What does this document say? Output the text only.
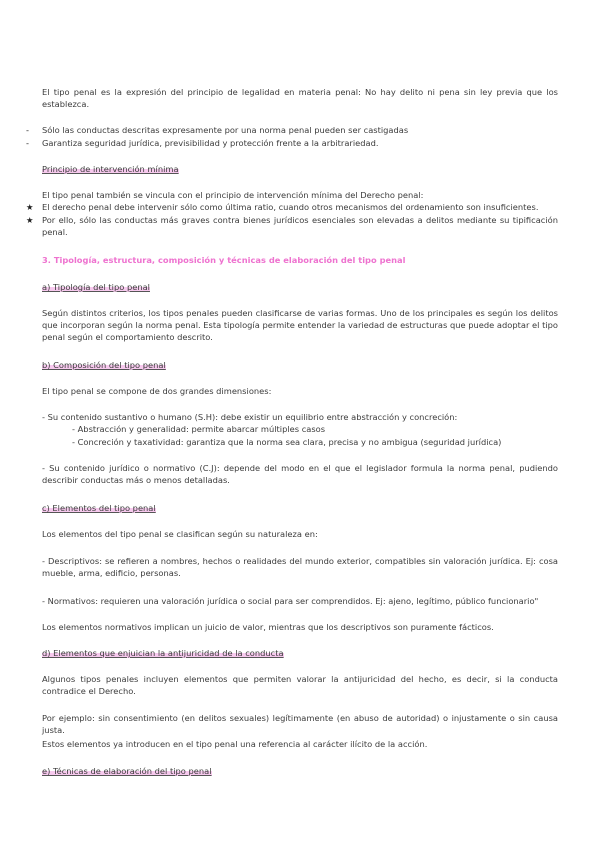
El tipo penal es la expresión del principio de legalidad en materia penal: No hay delito ni pena sin ley previa que los establezca.

-	Sólo las conductas descritas expresamente por una norma penal pueden ser castigadas
-	Garantiza seguridad jurídica, previsibilidad y protección frente a la arbitrariedad.

Principio de intervención mínima

El tipo penal también se vincula con el principio de intervención mínima del Derecho penal:

★	El derecho penal debe intervenir sólo como última ratio, cuando otros mecanismos del ordenamiento son insuficientes.
★	Por ello, sólo las conductas más graves contra bienes jurídicos esenciales son elevadas a delitos mediante su tipificación penal.

3. Tipología, estructura, composición y técnicas de elaboración del tipo penal

a) Tipología del tipo penal

Según distintos criterios, los tipos penales pueden clasificarse de varias formas. Uno de los principales es según los delitos que incorporan según la norma penal. Esta tipología permite entender la variedad de estructuras que puede adoptar el tipo penal según el comportamiento descrito.

b) Composición del tipo penal

El tipo penal se compone de dos grandes dimensiones:

- Su contenido sustantivo o humano (S.H): debe existir un equilibrio entre abstracción y concreción:

- Abstracción y generalidad: permite abarcar múltiples casos

- Concreción y taxatividad: garantiza que la norma sea clara, precisa y no ambigua (seguridad jurídica)

- Su contenido jurídico o normativo (C.J): depende del modo en el que el legislador formula la norma penal, pudiendo describir conductas más o menos detalladas.

c) Elementos del tipo penal

Los elementos del tipo penal se clasifican según su naturaleza en:

- Descriptivos: se refieren a nombres, hechos o realidades del mundo exterior, compatibles sin valoración jurídica. Ej: cosa mueble, arma, edificio, personas.

- Normativos: requieren una valoración jurídica o social para ser comprendidos. Ej: ajeno, legítimo, público funcionario"

Los elementos normativos implican un juicio de valor, mientras que los descriptivos son puramente fácticos.

d) Elementos que enjuician la antijuricidad de la conducta

Algunos tipos penales incluyen elementos que permiten valorar la antijuricidad del hecho, es decir, si la conducta contradice el Derecho.

Por ejemplo: sin consentimiento (en delitos sexuales) legítimamente (en abuso de autoridad) o injustamente o sin causa justa.

Estos elementos ya introducen en el tipo penal una referencia al carácter ilícito de la acción.

e) Técnicas de elaboración del tipo penal
